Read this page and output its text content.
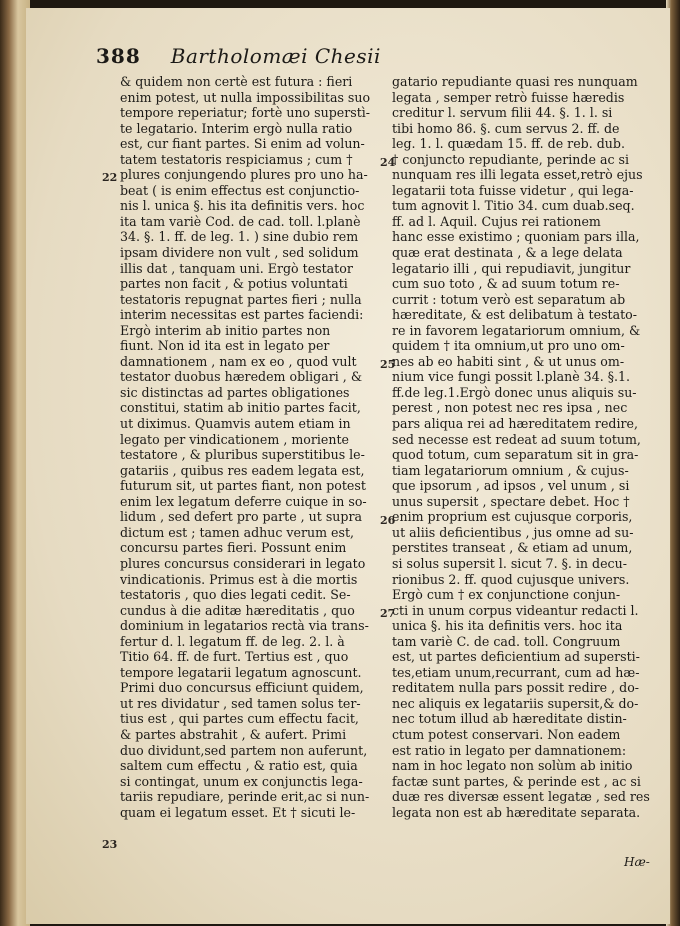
388 Bartholomæi Chesii
& quidem non certè est futura : fieri
enim potest, ut nulla impossibilitas suo
tempore reperiatur; fortè uno superstì-
te legatario. Interim ergò nulla ratio
est, cur fiant partes. Si enim ad volun-
tatem testatoris respiciamus ; cum †
plures conjungendo plures pro uno ha-
beat ( is enim effectus est conjunctio-
nis l. unica §. his ita definitis vers. hoc
ita tam variè Cod. de cad. toll. l.planè
34. §. 1. ff. de leg. 1. ) sine dubio rem
ipsam dividere non vult , sed solidum
illis dat , tanquam uni. Ergò testator
partes non facit , & potius voluntati
testatoris repugnat partes fieri ; nulla
interim necessitas est partes faciendi:
Ergò interim ab initio partes non
fiunt. Non id ita est in legato per
damnationem , nam ex eo , quod vult
testator duobus hæredem obligari , &
sic distinctas ad partes obligationes
constitui, statim ab initio partes facit,
ut diximus. Quamvis autem etiam in
legato per vindicationem , moriente
testatore , & pluribus superstitibus le-
gatariis , quibus res eadem legata est,
futurum sit, ut partes fiant, non potest
enim lex legatum deferre cuique in so-
lidum , sed defert pro parte , ut supra
dictum est ; tamen adhuc verum est,
concursu partes fieri. Possunt enim
plures concursus considerari in legato
vindicationis. Primus est à die mortis
testatoris , quo dies legati cedit. Se-
cundus à die aditæ hæreditatis , quo
dominium in legatarios rectà via trans-
fertur d. l. legatum ff. de leg. 2. l. à
Titio 64. ff. de furt. Tertius est , quo
tempore legatarii legatum agnoscunt.
Primi duo concursus efficiunt quidem,
ut res dividatur , sed tamen solus ter-
tius est , qui partes cum effectu facit,
& partes abstrahit , & aufert. Primi
duo dividunt,sed partem non auferunt,
saltem cum effectu , & ratio est, quia
si contingat, unum ex conjunctis lega-
tariis repudiare, perinde erit,ac si nun-
quam ei legatum esset. Et † sicuti le-
gatario repudiante quasi res nunquam
legata , semper retrò fuisse hæredis
creditur l. servum filii 44. §. 1. l. si
tibi homo 86. §. cum servus 2. ff. de
leg. 1. l. quædam 15. ff. de reb. dub.
† conjuncto repudiante, perinde ac si
nunquam res illi legata esset,retrò ejus
legatarii tota fuisse videtur , qui lega-
tum agnovit l. Titio 34. cum duab.seq.
ff. ad l. Aquil. Cujus rei rationem
hanc esse existimo ; quoniam pars illa,
quæ erat destinata , & a lege delata
legatario illi , qui repudiavit, jungitur
cum suo toto , & ad suum totum re-
currit : totum verò est separatum ab
hæreditate, & est delibatum à testato-
re in favorem legatariorum omnium, &
quidem † ita omnium,ut pro uno om-
nes ab eo habiti sint , & ut unus om-
nium vice fungi possit l.planè 34. §.1.
ff.de leg.1.Ergò donec unus aliquis su-
perest , non potest nec res ipsa , nec
pars aliqua rei ad hæreditatem redire,
sed necesse est redeat ad suum totum,
quod totum, cum separatum sit in gra-
tiam legatariorum omnium , & cujus-
que ipsorum , ad ipsos , vel unum , si
unus supersit , spectare debet. Hoc †
enim proprium est cujusque corporis,
ut aliis deficientibus , jus omne ad su-
perstites transeat , & etiam ad unum,
si solus supersit l. sicut 7. §. in decu-
rionibus 2. ff. quod cujusque univers.
Ergò cum † ex conjunctione conjun-
cti in unum corpus videantur redacti l.
unica §. his ita definitis vers. hoc ita
tam variè C. de cad. toll. Congruum
est, ut partes deficientium ad supersti-
tes,etiam unum,recurrant, cum ad hæ-
reditatem nulla pars possit redire , do-
nec aliquis ex legatariis supersit,& do-
nec totum illud ab hæreditate distin-
ctum potest conservari. Non eadem
est ratio in legato per damnationem:
nam in hoc legato non solùm ab initio
factæ sunt partes, & perinde est , ac si
duæ res diversæ essent legatæ , sed res
legata non est ab hæreditate separata.
22
23
24
25
26
27
Hæ-
